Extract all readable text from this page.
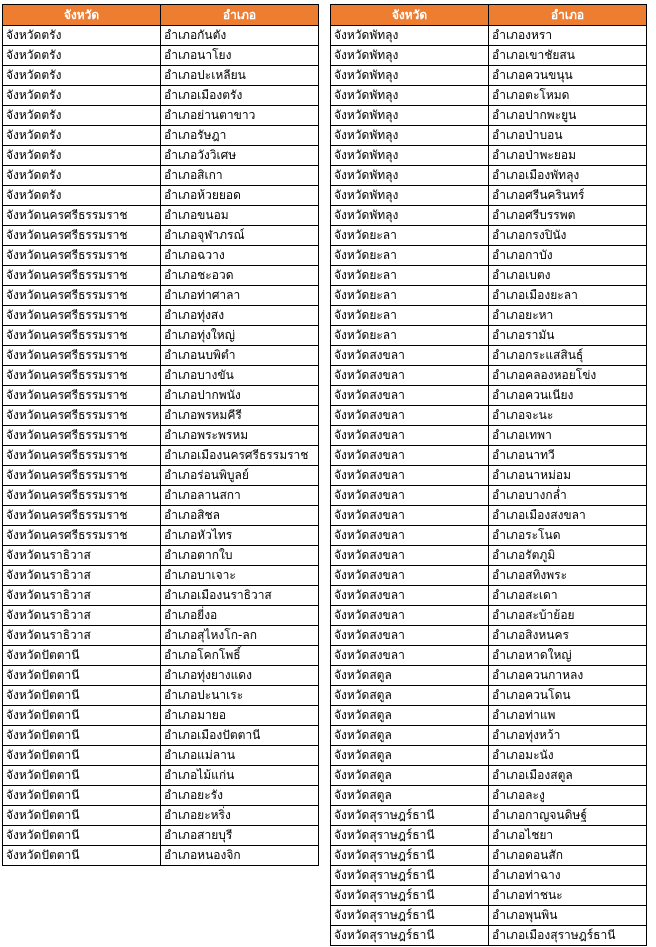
จังหวัด	อำเภอ
จังหวัดตรัง	อำเภอกันตัง
จังหวัดตรัง	อำเภอนาโยง
จังหวัดตรัง	อำเภอปะเหลียน
จังหวัดตรัง	อำเภอเมืองตรัง
จังหวัดตรัง	อำเภอย่านตาขาว
จังหวัดตรัง	อำเภอรัษฎา
จังหวัดตรัง	อำเภอวังวิเศษ
จังหวัดตรัง	อำเภอสิเกา
จังหวัดตรัง	อำเภอห้วยยอด
จังหวัดนครศรีธรรมราช	อำเภอขนอม
จังหวัดนครศรีธรรมราช	อำเภอจุฬาภรณ์
จังหวัดนครศรีธรรมราช	อำเภอฉวาง
จังหวัดนครศรีธรรมราช	อำเภอชะอวด
จังหวัดนครศรีธรรมราช	อำเภอท่าศาลา
จังหวัดนครศรีธรรมราช	อำเภอทุ่งสง
จังหวัดนครศรีธรรมราช	อำเภอทุ่งใหญ่
จังหวัดนครศรีธรรมราช	อำเภอนบพิตำ
จังหวัดนครศรีธรรมราช	อำเภอบางขัน
จังหวัดนครศรีธรรมราช	อำเภอปากพนัง
จังหวัดนครศรีธรรมราช	อำเภอพรหมคีรี
จังหวัดนครศรีธรรมราช	อำเภอพระพรหม
จังหวัดนครศรีธรรมราช	อำเภอเมืองนครศรีธรรมราช
จังหวัดนครศรีธรรมราช	อำเภอร่อนพิบูลย์
จังหวัดนครศรีธรรมราช	อำเภอลานสกา
จังหวัดนครศรีธรรมราช	อำเภอสิชล
จังหวัดนครศรีธรรมราช	อำเภอหัวไทร
จังหวัดนราธิวาส	อำเภอตากใบ
จังหวัดนราธิวาส	อำเภอบาเจาะ
จังหวัดนราธิวาส	อำเภอเมืองนราธิวาส
จังหวัดนราธิวาส	อำเภอยี่งอ
จังหวัดนราธิวาส	อำเภอสุไหงโก-ลก
จังหวัดปัตตานี	อำเภอโคกโพธิ์
จังหวัดปัตตานี	อำเภอทุ่งยางแดง
จังหวัดปัตตานี	อำเภอปะนาเระ
จังหวัดปัตตานี	อำเภอมายอ
จังหวัดปัตตานี	อำเภอเมืองปัตตานี
จังหวัดปัตตานี	อำเภอแม่ลาน
จังหวัดปัตตานี	อำเภอไม้แก่น
จังหวัดปัตตานี	อำเภอยะรัง
จังหวัดปัตตานี	อำเภอยะหริ่ง
จังหวัดปัตตานี	อำเภอสายบุรี
จังหวัดปัตตานี	อำเภอหนองจิก
จังหวัด	อำเภอ
จังหวัดพัทลุง	อำเภองหรา
จังหวัดพัทลุง	อำเภอเขาชัยสน
จังหวัดพัทลุง	อำเภอควนขนุน
จังหวัดพัทลุง	อำเภอตะโหมด
จังหวัดพัทลุง	อำเภอปากพะยูน
จังหวัดพัทลุง	อำเภอป่าบอน
จังหวัดพัทลุง	อำเภอป่าพะยอม
จังหวัดพัทลุง	อำเภอเมืองพัทลุง
จังหวัดพัทลุง	อำเภอศรีนครินทร์
จังหวัดพัทลุง	อำเภอศรีบรรพต
จังหวัดยะลา	อำเภอกรงปินัง
จังหวัดยะลา	อำเภอกาบัง
จังหวัดยะลา	อำเภอเบตง
จังหวัดยะลา	อำเภอเมืองยะลา
จังหวัดยะลา	อำเภอยะหา
จังหวัดยะลา	อำเภอรามัน
จังหวัดสงขลา	อำเภอกระแสสินธุ์
จังหวัดสงขลา	อำเภอคลองหอยโข่ง
จังหวัดสงขลา	อำเภอควนเนียง
จังหวัดสงขลา	อำเภอจะนะ
จังหวัดสงขลา	อำเภอเทพา
จังหวัดสงขลา	อำเภอนาทวี
จังหวัดสงขลา	อำเภอนาหม่อม
จังหวัดสงขลา	อำเภอบางกล่ำ
จังหวัดสงขลา	อำเภอเมืองสงขลา
จังหวัดสงขลา	อำเภอระโนด
จังหวัดสงขลา	อำเภอรัตภูมิ
จังหวัดสงขลา	อำเภอสทิงพระ
จังหวัดสงขลา	อำเภอสะเดา
จังหวัดสงขลา	อำเภอสะบ้าย้อย
จังหวัดสงขลา	อำเภอสิงหนคร
จังหวัดสงขลา	อำเภอหาดใหญ่
จังหวัดสตูล	อำเภอควนกาหลง
จังหวัดสตูล	อำเภอควนโดน
จังหวัดสตูล	อำเภอท่าแพ
จังหวัดสตูล	อำเภอทุ่งหว้า
จังหวัดสตูล	อำเภอมะนัง
จังหวัดสตูล	อำเภอเมืองสตูล
จังหวัดสตูล	อำเภอละงู
จังหวัดสุราษฎร์ธานี	อำเภอกาญจนดิษฐ์
จังหวัดสุราษฎร์ธานี	อำเภอไชยา
จังหวัดสุราษฎร์ธานี	อำเภอดอนสัก
จังหวัดสุราษฎร์ธานี	อำเภอท่าฉาง
จังหวัดสุราษฎร์ธานี	อำเภอท่าชนะ
จังหวัดสุราษฎร์ธานี	อำเภอพุนพิน
จังหวัดสุราษฎร์ธานี	อำเภอเมืองสุราษฎร์ธานี
